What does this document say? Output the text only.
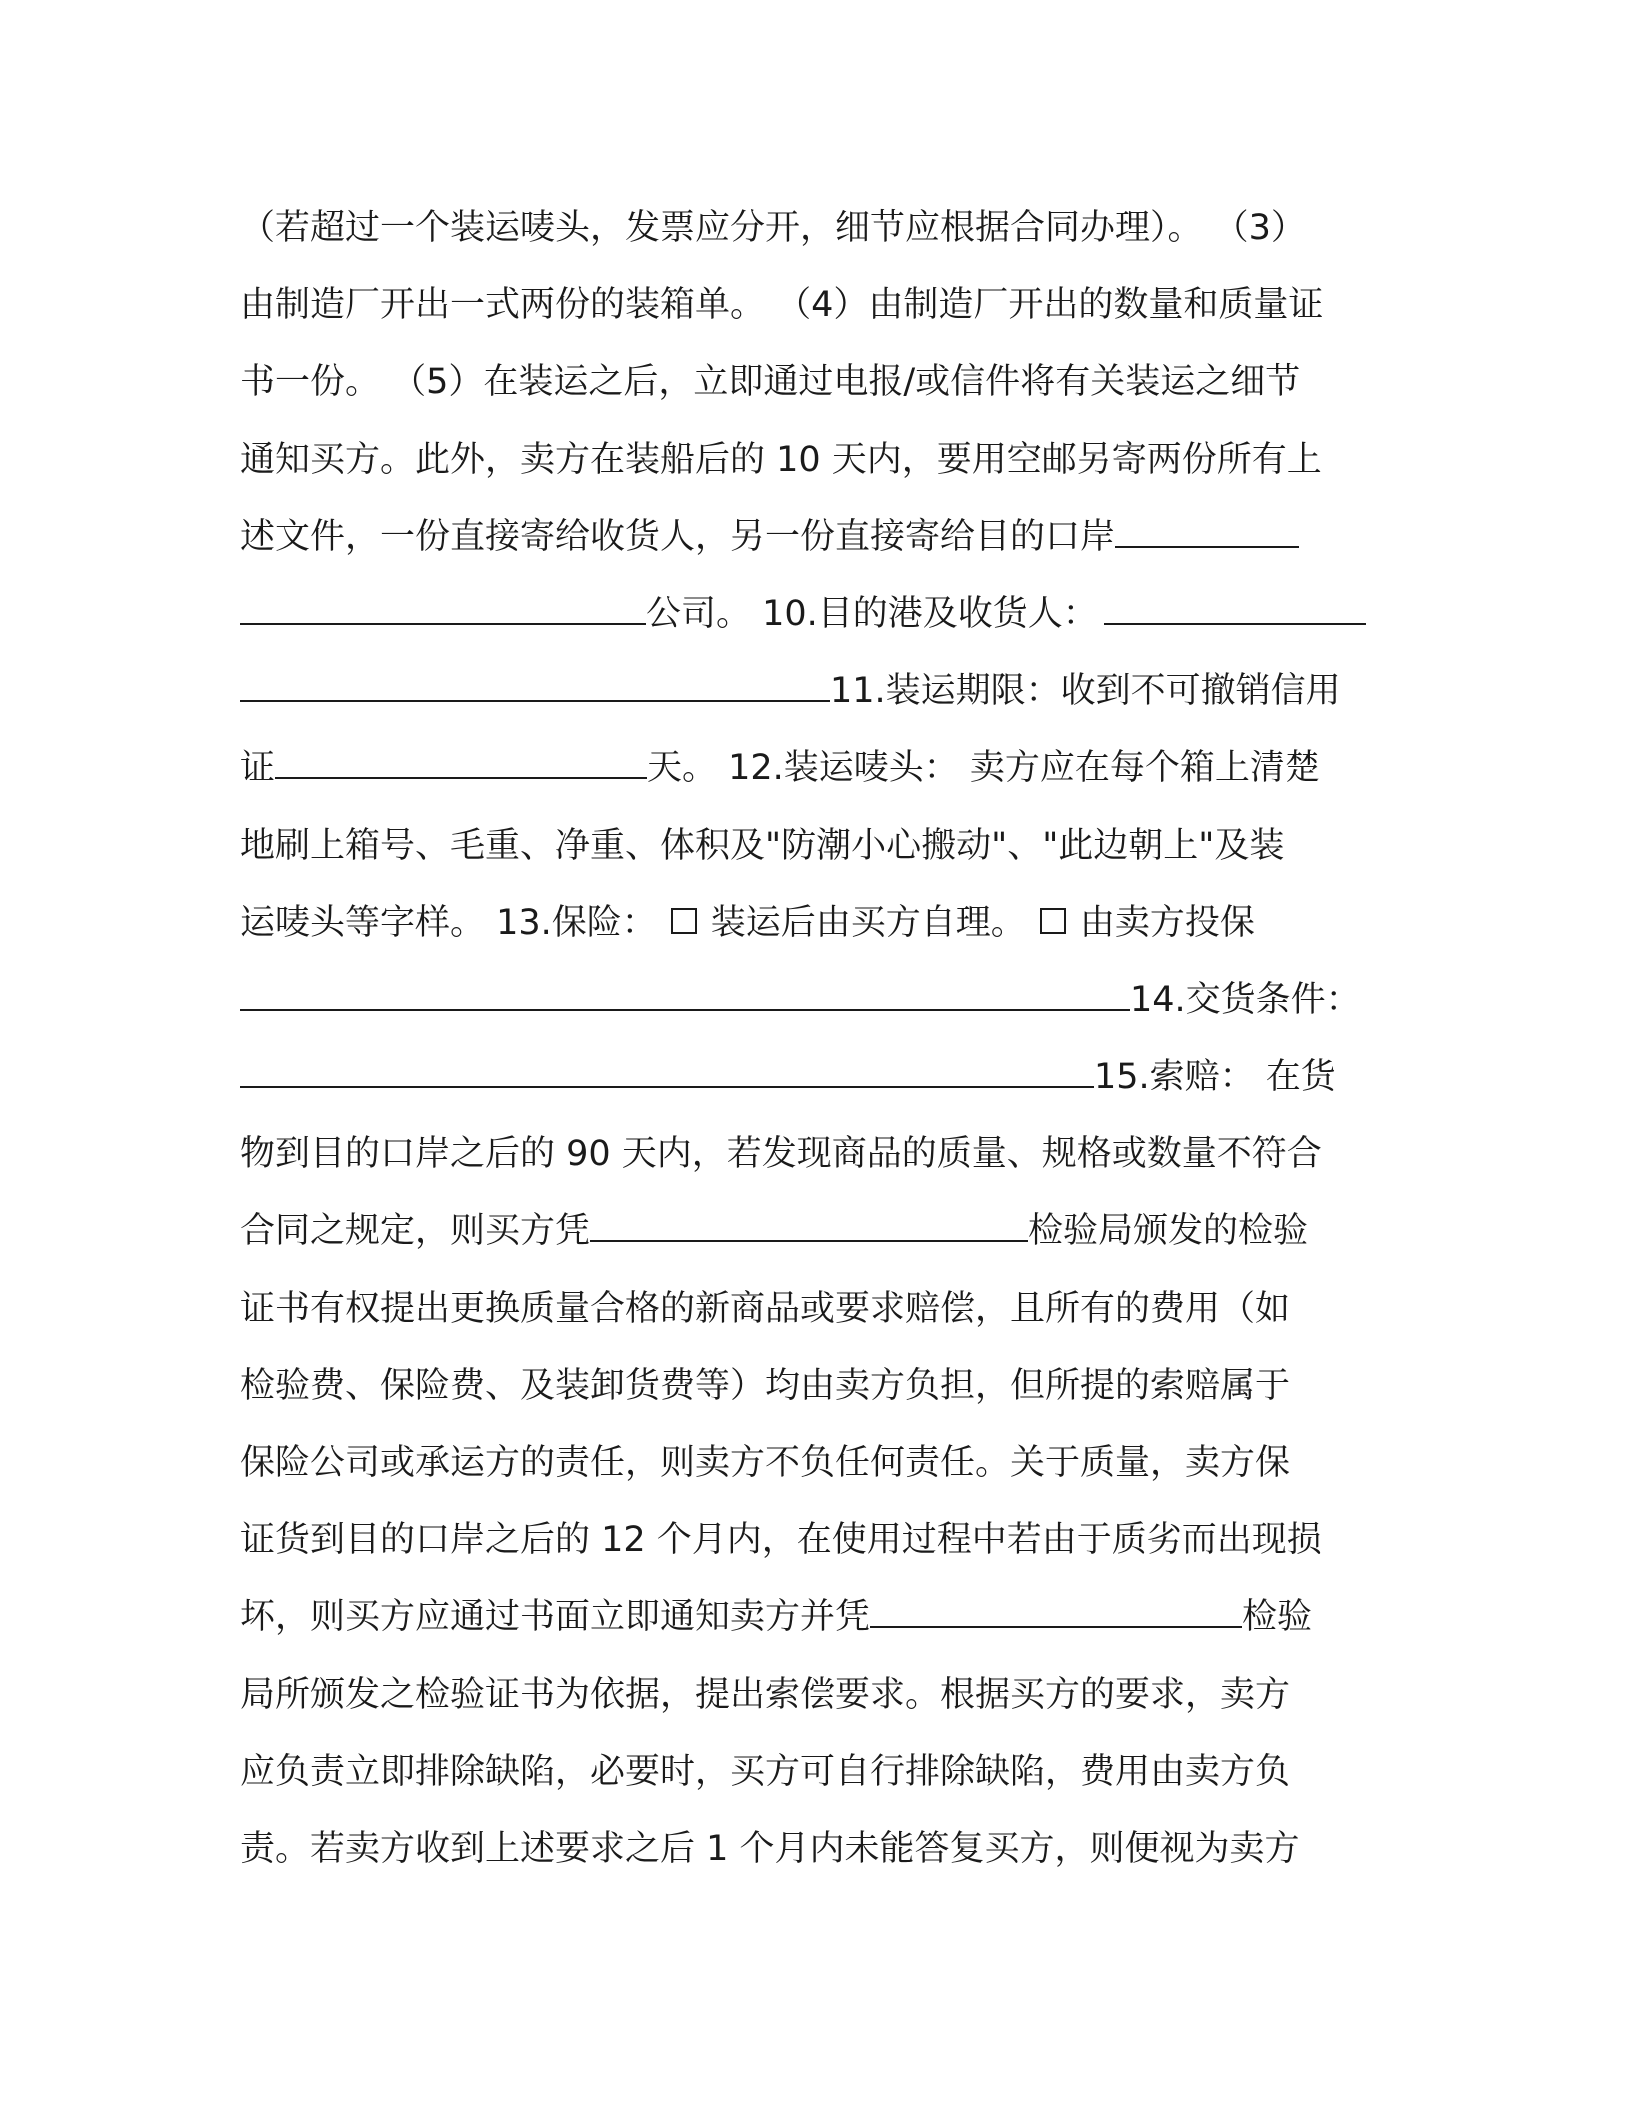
（若超过一个装运唛头，发票应分开，细节应根据合同办理）。 （3）
由制造厂开出一式两份的装箱单。 （4）由制造厂开出的数量和质量证
书一份。 （5）在装运之后，立即通过电报/或信件将有关装运之细节
通知买方。此外，卖方在装船后的 10 天内，要用空邮另寄两份所有上
述文件，一份直接寄给收货人，另一份直接寄给目的口岸
公司。 10.目的港及收货人：
11.装运期限：收到不可撤销信用
证	天。 12.装运唛头： 卖方应在每个箱上清楚
地刷上箱号、毛重、净重、体积及"防潮小心搬动"、"此边朝上"及装
运唛头等字样。 13.保险： 装运后由买方自理。 由卖方投保
14.交货条件：
15.索赔： 在货
物到目的口岸之后的 90 天内，若发现商品的质量、规格或数量不符合
合同之规定，则买方凭	检验局颁发的检验
证书有权提出更换质量合格的新商品或要求赔偿，且所有的费用（如
检验费、保险费、及装卸货费等）均由卖方负担，但所提的索赔属于
保险公司或承运方的责任，则卖方不负任何责任。关于质量，卖方保
证货到目的口岸之后的 12 个月内，在使用过程中若由于质劣而出现损
坏，则买方应通过书面立即通知卖方并凭	检验
局所颁发之检验证书为依据，提出索偿要求。根据买方的要求，卖方
应负责立即排除缺陷，必要时，买方可自行排除缺陷，费用由卖方负
责。若卖方收到上述要求之后 1 个月内未能答复买方，则便视为卖方
